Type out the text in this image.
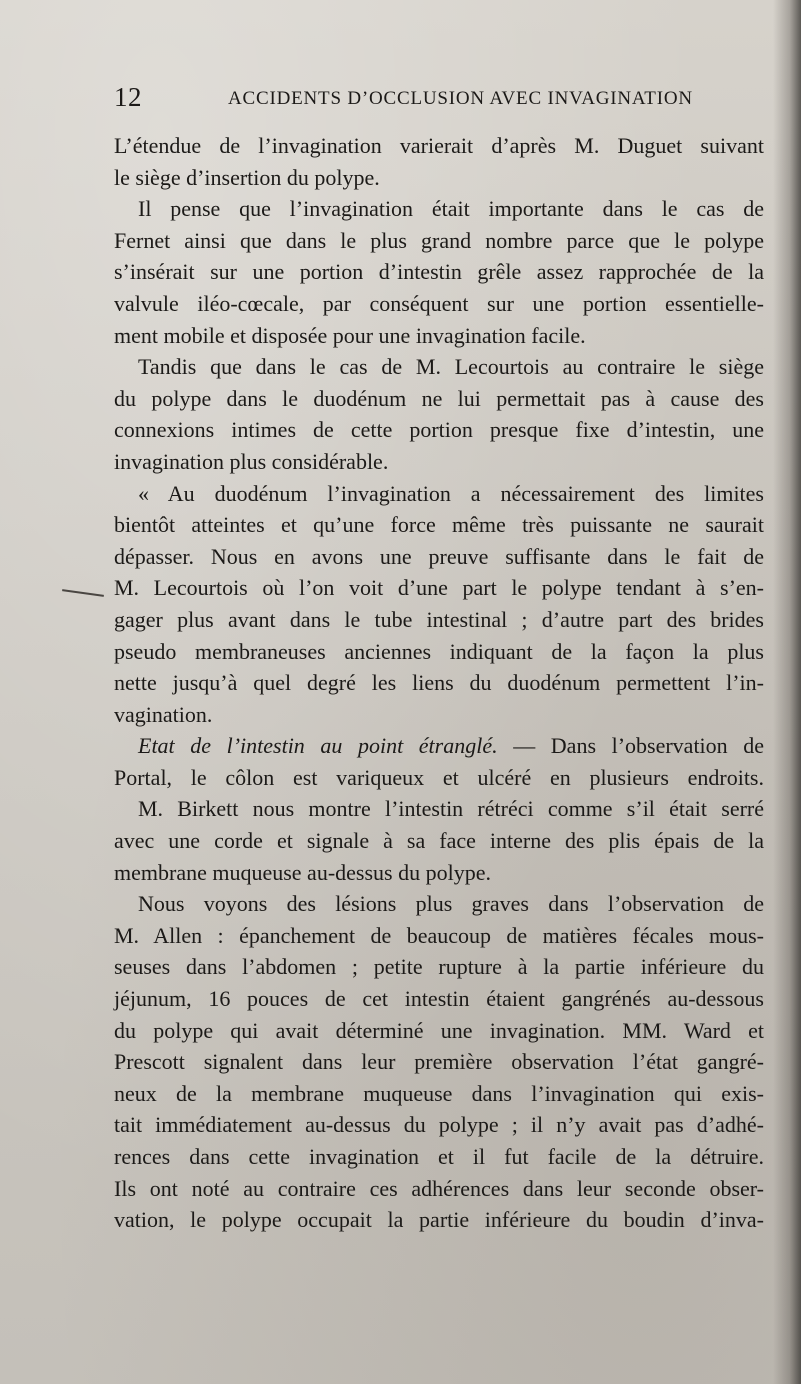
12	ACCIDENTS D’OCCLUSION AVEC INVAGINATION
L’étendue de l’invagination varierait d’après M. Duguet suivant
le siège d’insertion du polype.
Il pense que l’invagination était importante dans le cas de
Fernet ainsi que dans le plus grand nombre parce que le polype
s’insérait sur une portion d’intestin grêle assez rapprochée de la
valvule iléo-cœcale, par conséquent sur une portion essentielle-
ment mobile et disposée pour une invagination facile.
Tandis que dans le cas de M. Lecourtois au contraire le siège
du polype dans le duodénum ne lui permettait pas à cause des
connexions intimes de cette portion presque fixe d’intestin, une
invagination plus considérable.
« Au duodénum l’invagination a nécessairement des limites
bientôt atteintes et qu’une force même très puissante ne saurait
dépasser. Nous en avons une preuve suffisante dans le fait de
M. Lecourtois où l’on voit d’une part le polype tendant à s’en-
gager plus avant dans le tube intestinal ; d’autre part des brides
pseudo membraneuses anciennes indiquant de la façon la plus
nette jusqu’à quel degré les liens du duodénum permettent l’in-
vagination.
Etat de l’intestin au point étranglé. — Dans l’observation de
Portal, le côlon est variqueux et ulcéré en plusieurs endroits.
M. Birkett nous montre l’intestin rétréci comme s’il était serré
avec une corde et signale à sa face interne des plis épais de la
membrane muqueuse au-dessus du polype.
Nous voyons des lésions plus graves dans l’observation de
M. Allen : épanchement de beaucoup de matières fécales mous-
seuses dans l’abdomen ; petite rupture à la partie inférieure du
jéjunum, 16 pouces de cet intestin étaient gangrénés au-dessous
du polype qui avait déterminé une invagination. MM. Ward et
Prescott signalent dans leur première observation l’état gangré-
neux de la membrane muqueuse dans l’invagination qui exis-
tait immédiatement au-dessus du polype ; il n’y avait pas d’adhé-
rences dans cette invagination et il fut facile de la détruire.
Ils ont noté au contraire ces adhérences dans leur seconde obser-
vation, le polype occupait la partie inférieure du boudin d’inva-
